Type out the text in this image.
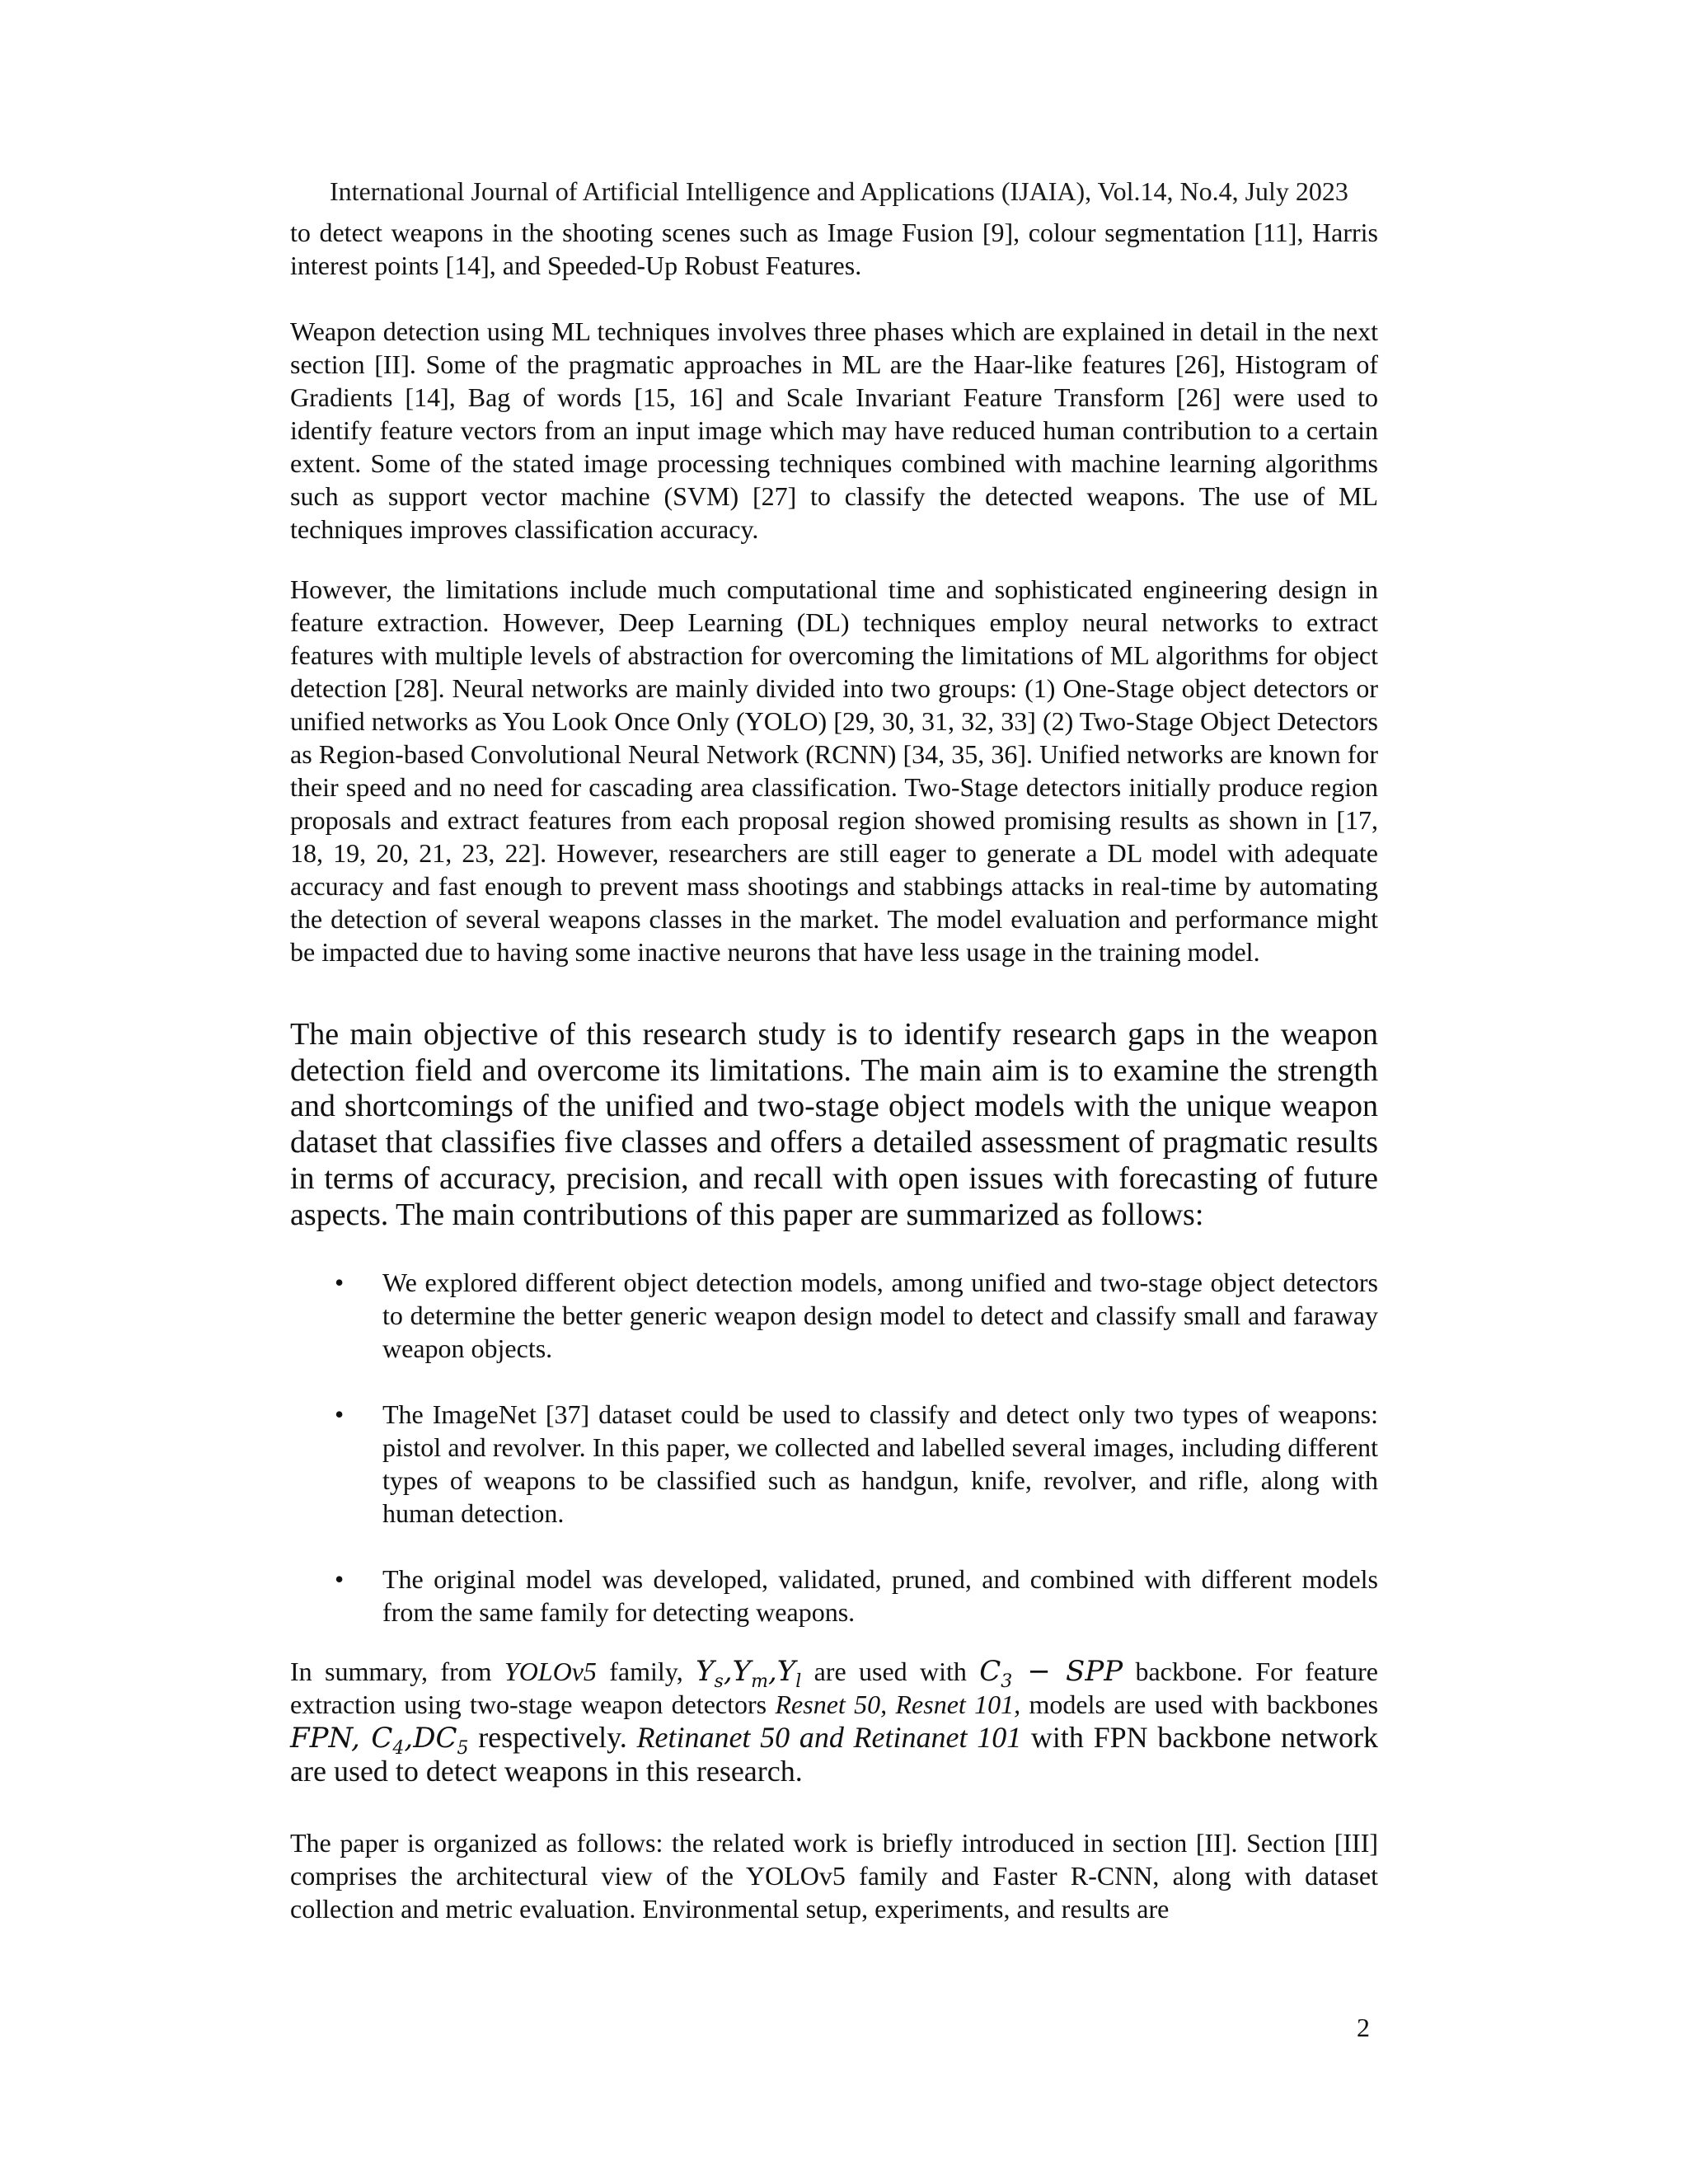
International Journal of Artificial Intelligence and Applications (IJAIA), Vol.14, No.4, July 2023

to detect weapons in the shooting scenes such as Image Fusion [9], colour segmentation [11], Harris interest points [14], and Speeded-Up Robust Features.

Weapon detection using ML techniques involves three phases which are explained in detail in the next section [II]. Some of the pragmatic approaches in ML are the Haar-like features [26], Histogram of Gradients [14], Bag of words [15, 16] and Scale Invariant Feature Transform [26] were used to identify feature vectors from an input image which may have reduced human contribution to a certain extent. Some of the stated image processing techniques combined with machine learning algorithms such as support vector machine (SVM) [27] to classify the detected weapons. The use of ML techniques improves classification accuracy.

However, the limitations include much computational time and sophisticated engineering design in feature extraction. However, Deep Learning (DL) techniques employ neural networks to extract features with multiple levels of abstraction for overcoming the limitations of ML algorithms for object detection [28]. Neural networks are mainly divided into two groups: (1) One-Stage object detectors or unified networks as You Look Once Only (YOLO) [29, 30, 31, 32, 33] (2) Two-Stage Object Detectors as Region-based Convolutional Neural Network (RCNN) [34, 35, 36]. Unified networks are known for their speed and no need for cascading area classification. Two-Stage detectors initially produce region proposals and extract features from each proposal region showed promising results as shown in [17, 18, 19, 20, 21, 23, 22]. However, researchers are still eager to generate a DL model with adequate accuracy and fast enough to prevent mass shootings and stabbings attacks in real-time by automating the detection of several weapons classes in the market. The model evaluation and performance might be impacted due to having some inactive neurons that have less usage in the training model.

The main objective of this research study is to identify research gaps in the weapon detection field and overcome its limitations. The main aim is to examine the strength and shortcomings of the unified and two-stage object models with the unique weapon dataset that classifies five classes and offers a detailed assessment of pragmatic results in terms of accuracy, precision, and recall with open issues with forecasting of future aspects. The main contributions of this paper are summarized as follows:

• We explored different object detection models, among unified and two-stage object detectors to determine the better generic weapon design model to detect and classify small and faraway weapon objects.
• The ImageNet [37] dataset could be used to classify and detect only two types of weapons: pistol and revolver. In this paper, we collected and labelled several images, including different types of weapons to be classified such as handgun, knife, revolver, and rifle, along with human detection.
• The original model was developed, validated, pruned, and combined with different models from the same family for detecting weapons.

In summary, from YOLOv5 family, $Y_s,Y_m,Y_l$ are used with $C_3$ − SPP backbone. For feature extraction using two-stage weapon detectors Resnet 50, Resnet 101, models are used with backbones FPN, $C_4,DC_5$ respectively. Retinanet 50 and Retinanet 101 with FPN backbone network are used to detect weapons in this research.

The paper is organized as follows: the related work is briefly introduced in section [II]. Section [III] comprises the architectural view of the YOLOv5 family and Faster R-CNN, along with dataset collection and metric evaluation. Environmental setup, experiments, and results are

2
